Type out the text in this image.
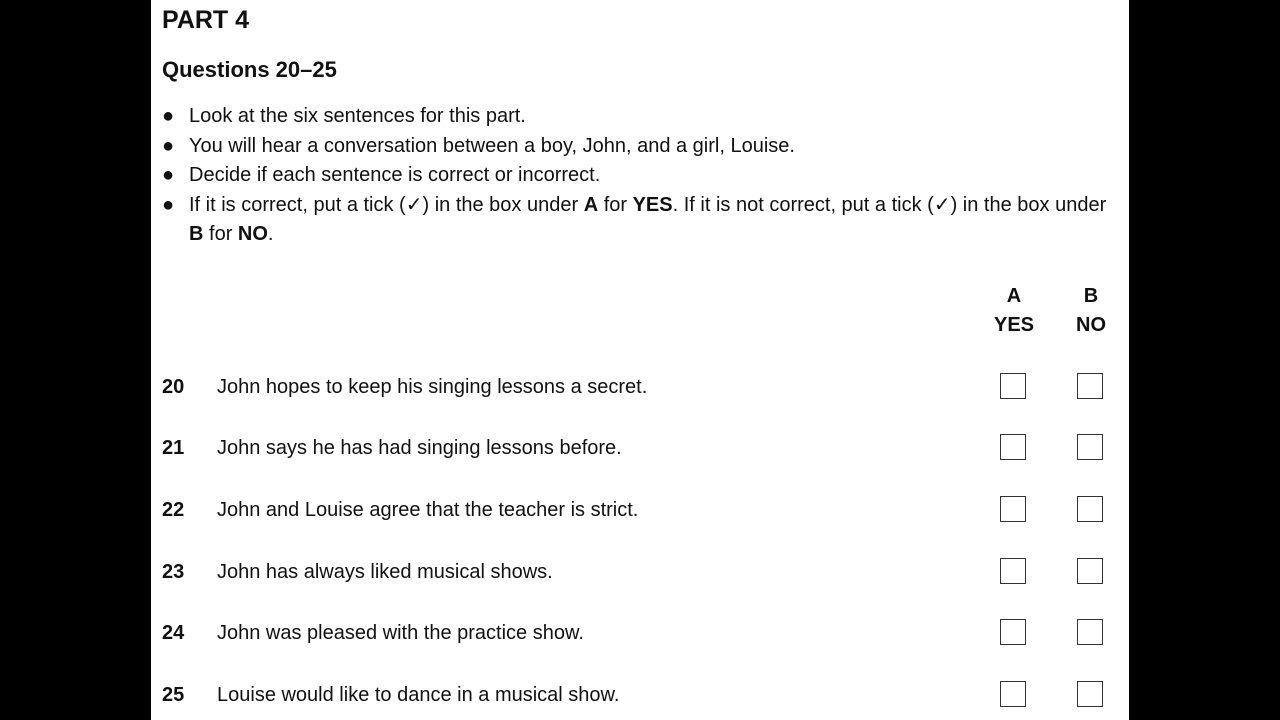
PART 4
Questions 20–25
● Look at the six sentences for this part.
● You will hear a conversation between a boy, John, and a girl, Louise.
● Decide if each sentence is correct or incorrect.
● If it is correct, put a tick (✓) in the box under A for YES. If it is not correct, put a tick (✓) in the box under B for NO.
A
YES
B
NO
20 John hopes to keep his singing lessons a secret.
21 John says he has had singing lessons before.
22 John and Louise agree that the teacher is strict.
23 John has always liked musical shows.
24 John was pleased with the practice show.
25 Louise would like to dance in a musical show.
